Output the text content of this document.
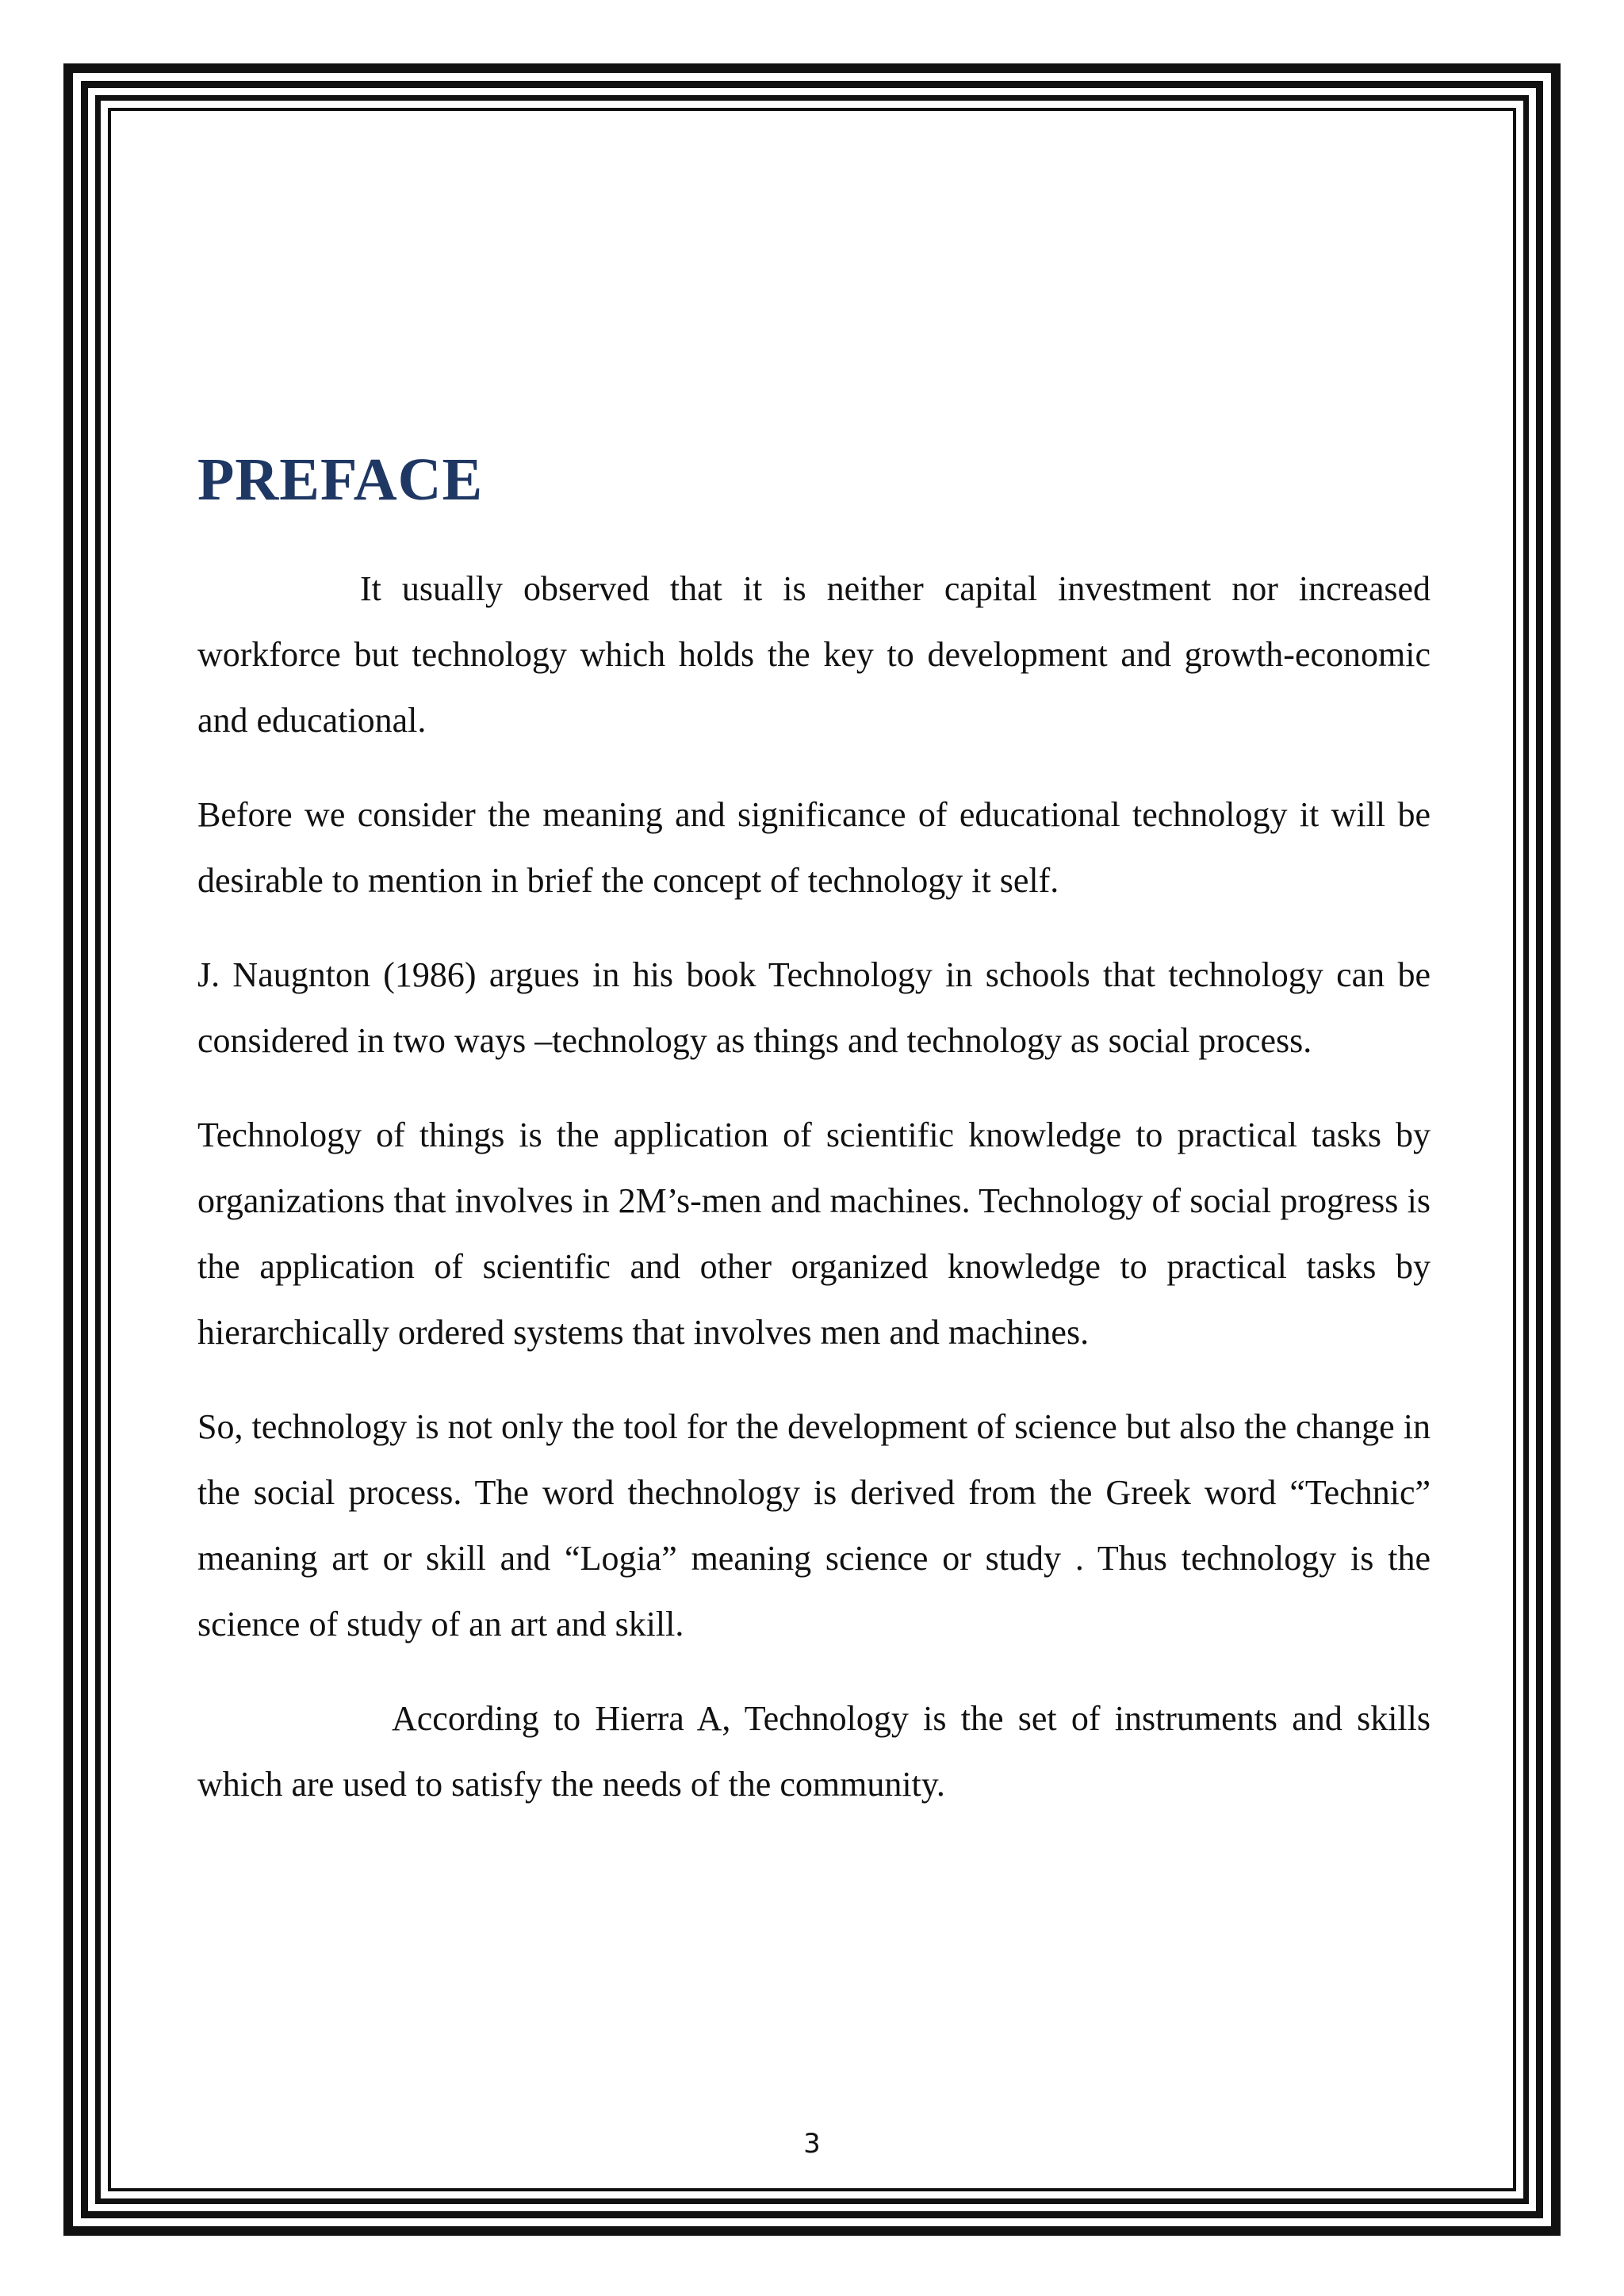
PREFACE

It usually observed that it is neither capital investment nor increased workforce but technology which holds the key to development and growth-economic and educational.

Before we consider the meaning and significance of educational technology it will be desirable to mention in brief the concept of technology it self.

J. Naugnton (1986) argues in his book Technology in schools that technology can be considered in two ways –technology as things and technology as social process.

Technology of things is the application of scientific knowledge to practical tasks by organizations that involves in 2M’s-men and machines. Technology of social progress is the application of scientific and other organized knowledge to practical tasks by hierarchically ordered systems that involves men and machines.

So, technology is not only the tool for the development of science but also the change in the social process. The word thechnology is derived from the Greek word “Technic” meaning art or skill and “Logia” meaning science or study . Thus technology is the science of study of an art and skill.

According to Hierra A, Technology is the set of instruments and skills which are used to satisfy the needs of the community.

3
